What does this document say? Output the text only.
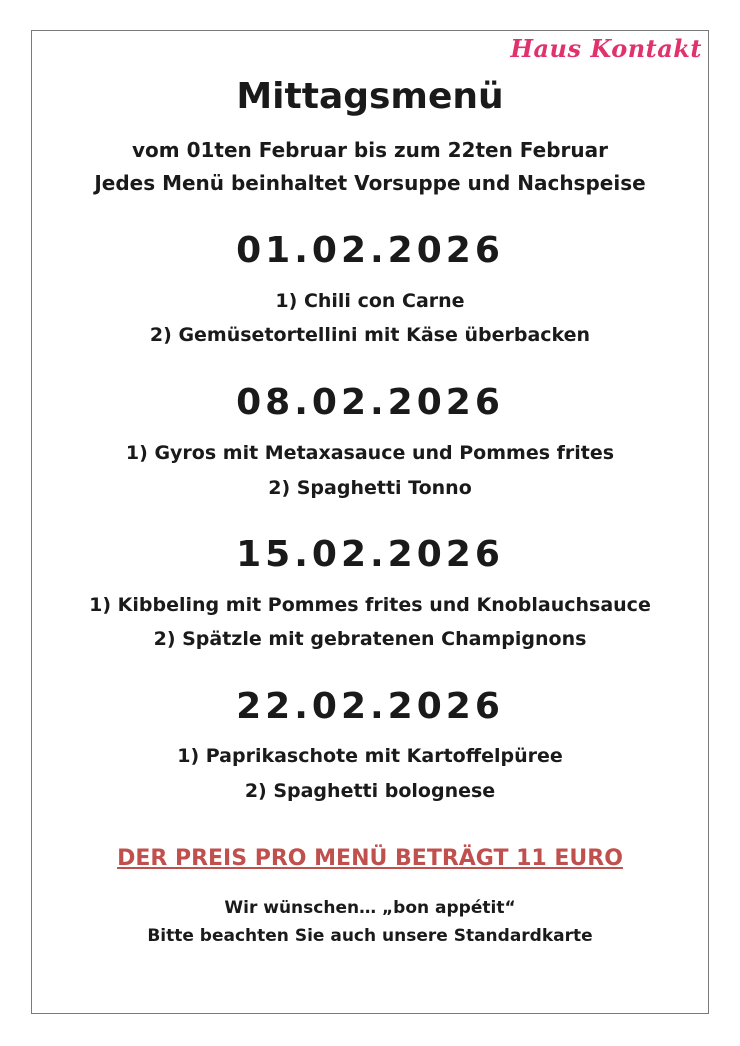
Haus Kontakt
Mittagsmenü
vom 01ten Februar bis zum 22ten Februar
Jedes Menü beinhaltet Vorsuppe und Nachspeise
01.02.2026
1) Chili con Carne
2) Gemüsetortellini mit Käse überbacken
08.02.2026
1) Gyros mit Metaxasauce und Pommes frites
2) Spaghetti Tonno
15.02.2026
1) Kibbeling mit Pommes frites und Knoblauchsauce
2) Spätzle mit gebratenen Champignons
22.02.2026
1) Paprikaschote mit Kartoffelpüree
2) Spaghetti bolognese
DER PREIS PRO MENÜ BETRÄGT 11 EURO
Wir wünschen… „bon appétit“
Bitte beachten Sie auch unsere Standardkarte
